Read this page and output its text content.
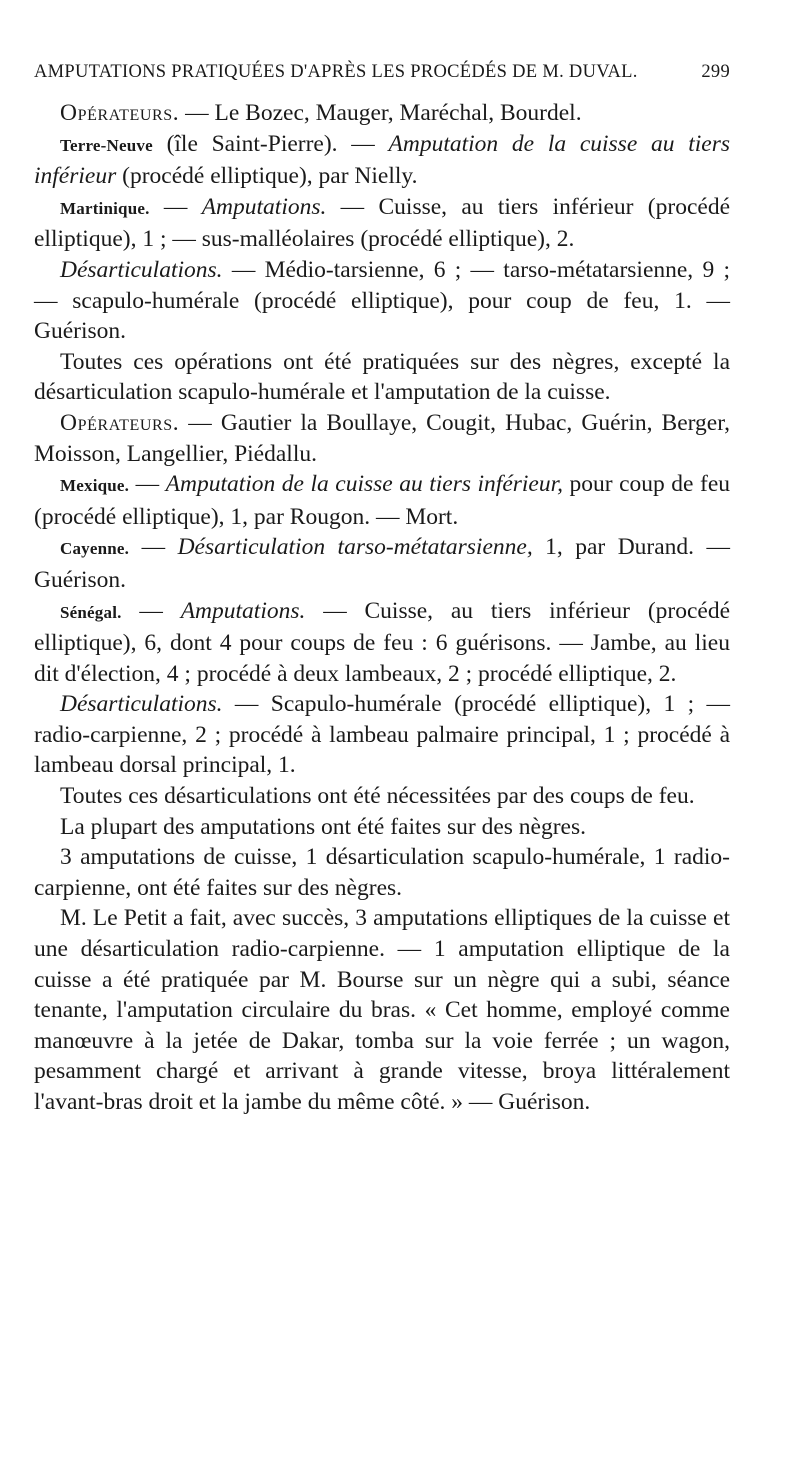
AMPUTATIONS PRATIQUÉES D'APRÈS LES PROCÉDÉS DE M. DUVAL.	299

Opérateurs. — Le Bozec, Mauger, Maréchal, Bourdel.

Terre-Neuve (île Saint-Pierre). — Amputation de la cuisse au tiers inférieur (procédé elliptique), par Nielly.

Martinique. — Amputations. — Cuisse, au tiers inférieur (procédé elliptique), 1 ; — sus-malléolaires (procédé elliptique), 2.

Désarticulations. — Médio-tarsienne, 6 ; — tarso-métatarsienne, 9 ; — scapulo-humérale (procédé elliptique), pour coup de feu, 1. — Guérison.

Toutes ces opérations ont été pratiquées sur des nègres, excepté la désarticulation scapulo-humérale et l'amputation de la cuisse.

Opérateurs. — Gautier la Boullaye, Cougit, Hubac, Guérin, Berger, Moisson, Langellier, Piédallu.

Mexique. — Amputation de la cuisse au tiers inférieur, pour coup de feu (procédé elliptique), 1, par Rougon. — Mort.

Cayenne. — Désarticulation tarso-métatarsienne, 1, par Durand. — Guérison.

Sénégal. — Amputations. — Cuisse, au tiers inférieur (procédé elliptique), 6, dont 4 pour coups de feu : 6 guérisons. — Jambe, au lieu dit d'élection, 4 ; procédé à deux lambeaux, 2 ; procédé elliptique, 2.

Désarticulations. — Scapulo-humérale (procédé elliptique), 1 ; — radio-carpienne, 2 ; procédé à lambeau palmaire principal, 1 ; procédé à lambeau dorsal principal, 1.

Toutes ces désarticulations ont été nécessitées par des coups de feu.

La plupart des amputations ont été faites sur des nègres.

3 amputations de cuisse, 1 désarticulation scapulo-humérale, 1 radio-carpienne, ont été faites sur des nègres.

M. Le Petit a fait, avec succès, 3 amputations elliptiques de la cuisse et une désarticulation radio-carpienne. — 1 amputation elliptique de la cuisse a été pratiquée par M. Bourse sur un nègre qui a subi, séance tenante, l'amputation circulaire du bras. « Cet homme, employé comme manœuvre à la jetée de Dakar, tomba sur la voie ferrée ; un wagon, pesamment chargé et arrivant à grande vitesse, broya littéralement l'avant-bras droit et la jambe du même côté. » — Guérison.
